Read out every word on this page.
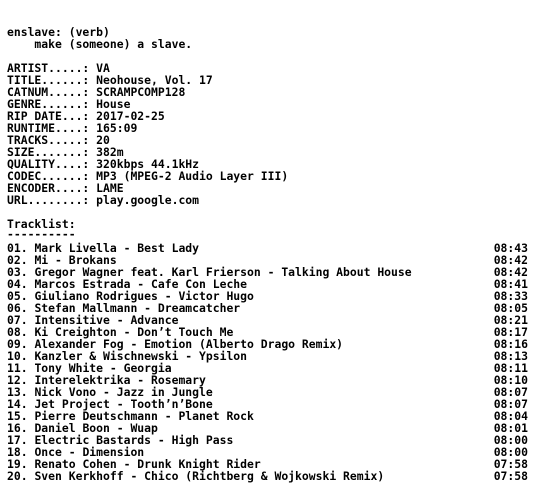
enslave: (verb)
make (someone) a slave.
ARTIST.....: VA
TITLE......: Neohouse, Vol. 17
CATNUM.....: SCRAMPCOMP128
GENRE......: House
RIP DATE...: 2017-02-25
RUNTIME....: 165:09
TRACKS.....: 20
SIZE.......: 382m
QUALITY....: 320kbps 44.1kHz
CODEC......: MP3 (MPEG-2 Audio Layer III)
ENCODER....: LAME
URL........: play.google.com
Tracklist:
----------
01. Mark Livella - Best Lady	08:43
02. Mi - Brokans	08:42
03. Gregor Wagner feat. Karl Frierson - Talking About House	08:42
04. Marcos Estrada - Cafe Con Leche	08:41
05. Giuliano Rodrigues - Victor Hugo	08:33
06. Stefan Mallmann - Dreamcatcher	08:05
07. Intensitive - Advance	08:21
08. Ki Creighton - Don’t Touch Me	08:17
09. Alexander Fog - Emotion (Alberto Drago Remix)	08:16
10. Kanzler & Wischnewski - Ypsilon	08:13
11. Tony White - Georgia	08:11
12. Interelektrika - Rosemary	08:10
13. Nick Vono - Jazz in Jungle	08:07
14. Jet Project - Tooth’n’Bone	08:07
15. Pierre Deutschmann - Planet Rock	08:04
16. Daniel Boon - Wuap	08:01
17. Electric Bastards - High Pass	08:00
18. Once - Dimension	08:00
19. Renato Cohen - Drunk Knight Rider	07:58
20. Sven Kerkhoff - Chico (Richtberg & Wojkowski Remix)	07:58
